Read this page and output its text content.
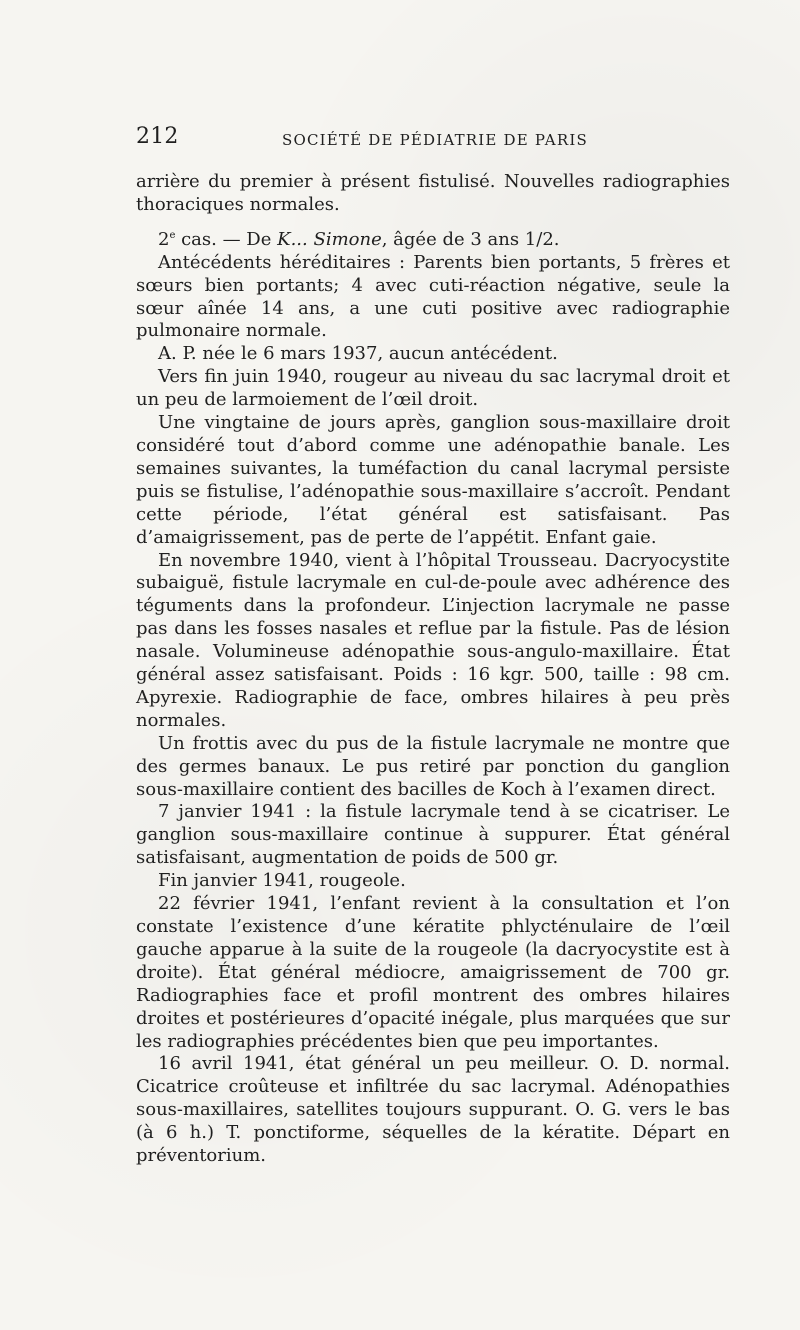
212	SOCIÉTÉ DE PÉDIATRIE DE PARIS

arrière du premier à présent fistulisé. Nouvelles radiographies thoraciques normales.

2e cas. — De K... Simone, âgée de 3 ans 1/2.

Antécédents héréditaires : Parents bien portants, 5 frères et sœurs bien portants; 4 avec cuti-réaction négative, seule la sœur aînée 14 ans, a une cuti positive avec radiographie pulmonaire normale.

A. P. née le 6 mars 1937, aucun antécédent.

Vers fin juin 1940, rougeur au niveau du sac lacrymal droit et un peu de larmoiement de l’œil droit.

Une vingtaine de jours après, ganglion sous-maxillaire droit considéré tout d’abord comme une adénopathie banale. Les semaines suivantes, la tuméfaction du canal lacrymal persiste puis se fistulise, l’adénopathie sous-maxillaire s’accroît. Pendant cette période, l’état général est satisfaisant. Pas d’amaigrissement, pas de perte de l’appétit. Enfant gaie.

En novembre 1940, vient à l’hôpital Trousseau. Dacryocystite subaiguë, fistule lacrymale en cul-de-poule avec adhérence des téguments dans la profondeur. L’injection lacrymale ne passe pas dans les fosses nasales et reflue par la fistule. Pas de lésion nasale. Volumineuse adénopathie sous-angulo-maxillaire. État général assez satisfaisant. Poids : 16 kgr. 500, taille : 98 cm. Apyrexie. Radiographie de face, ombres hilaires à peu près normales.

Un frottis avec du pus de la fistule lacrymale ne montre que des germes banaux. Le pus retiré par ponction du ganglion sous-maxillaire contient des bacilles de Koch à l’examen direct.

7 janvier 1941 : la fistule lacrymale tend à se cicatriser. Le ganglion sous-maxillaire continue à suppurer. État général satisfaisant, augmentation de poids de 500 gr.

Fin janvier 1941, rougeole.

22 février 1941, l’enfant revient à la consultation et l’on constate l’existence d’une kératite phlycténulaire de l’œil gauche apparue à la suite de la rougeole (la dacryocystite est à droite). État général médiocre, amaigrissement de 700 gr. Radiographies face et profil montrent des ombres hilaires droites et postérieures d’opacité inégale, plus marquées que sur les radiographies précédentes bien que peu importantes.

16 avril 1941, état général un peu meilleur. O. D. normal. Cicatrice croûteuse et infiltrée du sac lacrymal. Adénopathies sous-maxillaires, satellites toujours suppurant. O. G. vers le bas (à 6 h.) T. ponctiforme, séquelles de la kératite. Départ en préventorium.
